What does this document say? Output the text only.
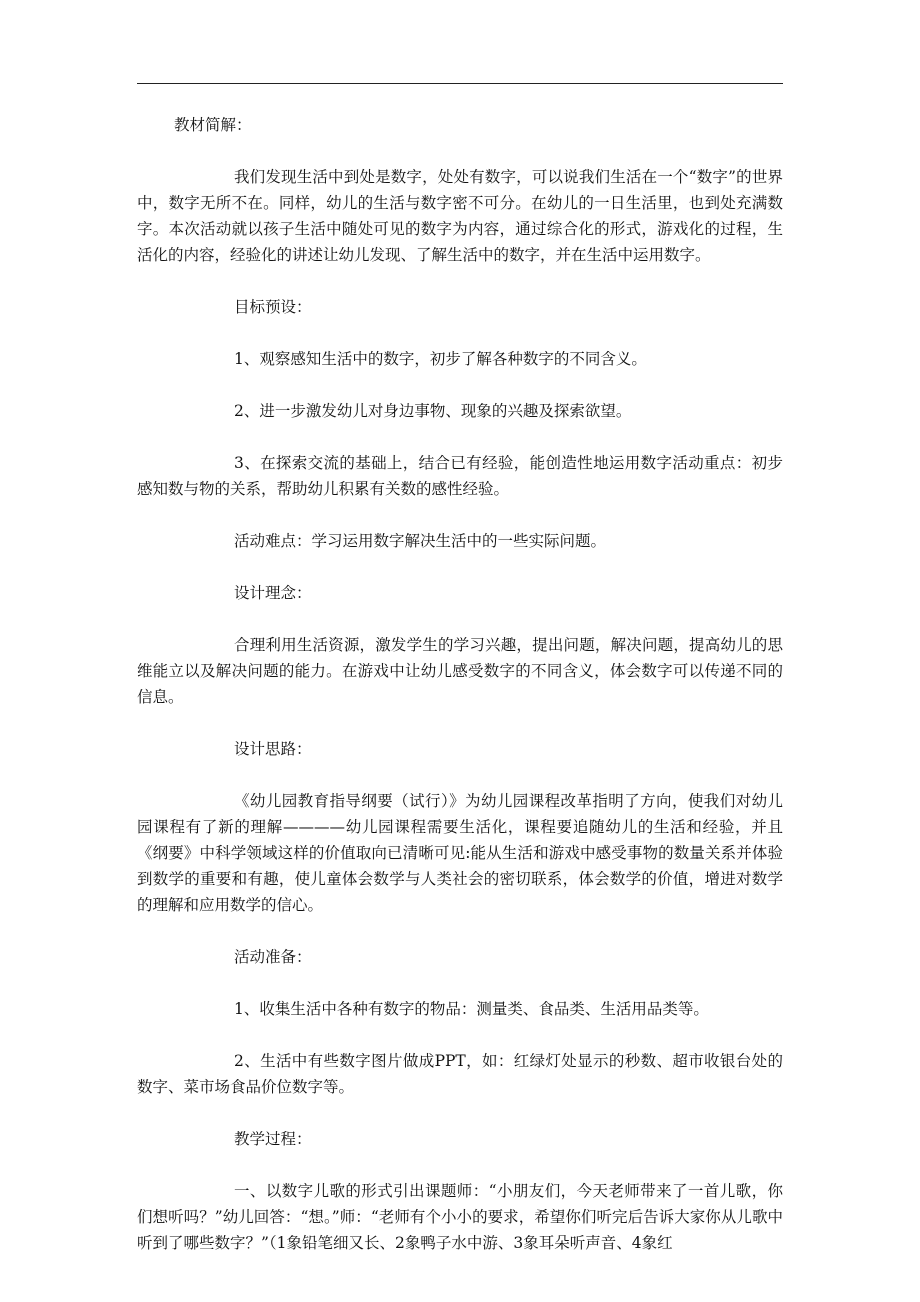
教材简解：

我们发现生活中到处是数字，处处有数字，可以说我们生活在一个“数字”的世界中，数字无所不在。同样，幼儿的生活与数字密不可分。在幼儿的一日生活里，也到处充满数字。本次活动就以孩子生活中随处可见的数字为内容，通过综合化的形式，游戏化的过程，生活化的内容，经验化的讲述让幼儿发现、了解生活中的数字，并在生活中运用数字。

目标预设：

1、观察感知生活中的数字，初步了解各种数字的不同含义。

2、进一步激发幼儿对身边事物、现象的兴趣及探索欲望。

3、在探索交流的基础上，结合已有经验，能创造性地运用数字活动重点：初步感知数与物的关系，帮助幼儿积累有关数的感性经验。

活动难点：学习运用数字解决生活中的一些实际问题。

设计理念：

合理利用生活资源，激发学生的学习兴趣，提出问题，解决问题，提高幼儿的思维能立以及解决问题的能力。在游戏中让幼儿感受数字的不同含义，体会数字可以传递不同的信息。

设计思路：

《幼儿园教育指导纲要（试行）》为幼儿园课程改革指明了方向，使我们对幼儿园课程有了新的理解————幼儿园课程需要生活化，课程要追随幼儿的生活和经验，并且《纲要》中科学领域这样的价值取向已清晰可见:能从生活和游戏中感受事物的数量关系并体验到数学的重要和有趣，使儿童体会数学与人类社会的密切联系，体会数学的价值，增进对数学的理解和应用数学的信心。

活动准备：

1、收集生活中各种有数字的物品：测量类、食品类、生活用品类等。

2、生活中有些数字图片做成PPT，如：红绿灯处显示的秒数、超市收银台处的数字、菜市场食品价位数字等。

教学过程：

一、以数字儿歌的形式引出课题师：“小朋友们，今天老师带来了一首儿歌，你们想听吗？”幼儿回答：“想。”师：“老师有个小小的要求，希望你们听完后告诉大家你从儿歌中听到了哪些数字？”（1象铅笔细又长、2象鸭子水中游、3象耳朵听声音、4象红
